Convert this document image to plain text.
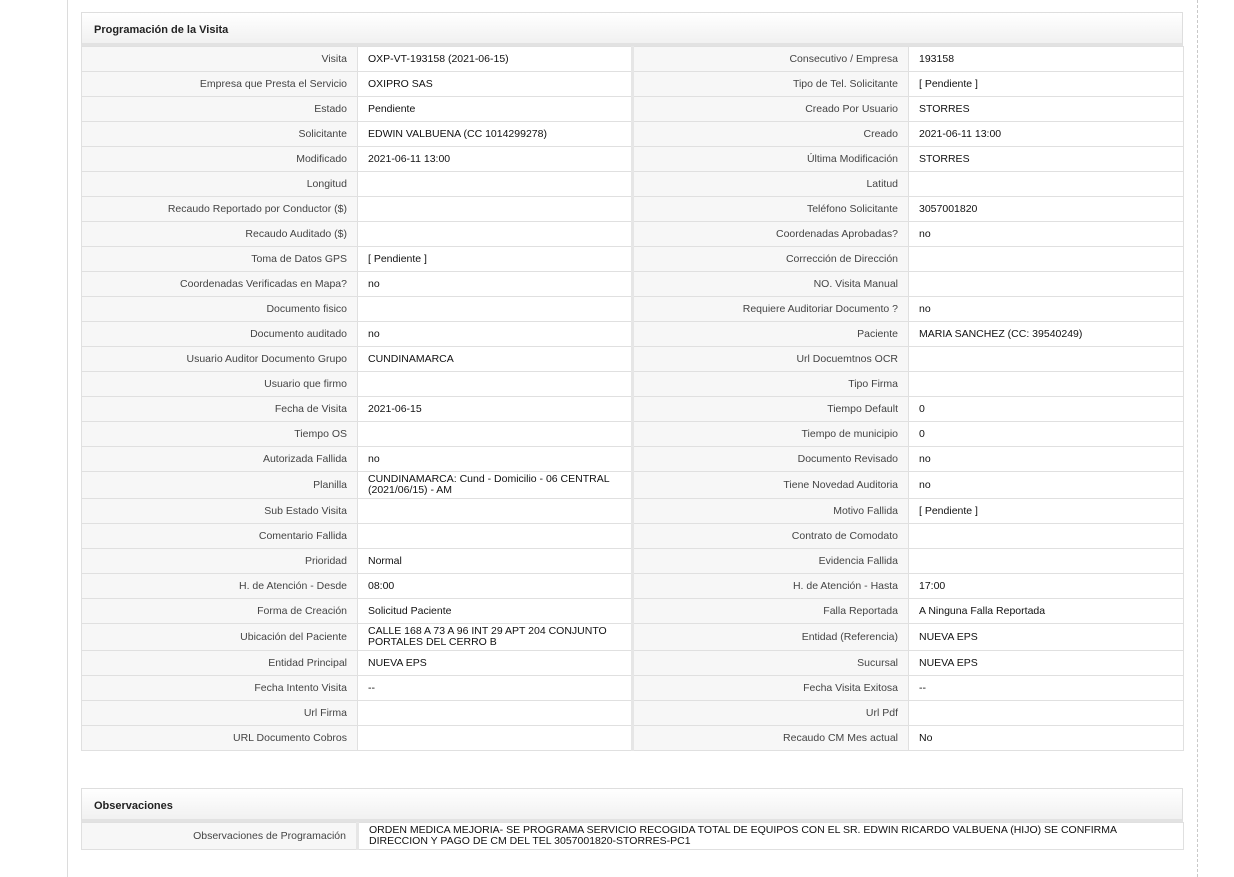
Programación de la Visita
Visita	OXP-VT-193158 (2021-06-15)	Consecutivo / Empresa	193158
Empresa que Presta el Servicio	OXIPRO SAS	Tipo de Tel. Solicitante	[ Pendiente ]
Estado	Pendiente	Creado Por Usuario	STORRES
Solicitante	EDWIN VALBUENA (CC 1014299278)	Creado	2021-06-11 13:00
Modificado	2021-06-11 13:00	Última Modificación	STORRES
Longitud		Latitud	
Recaudo Reportado por Conductor ($)		Teléfono Solicitante	3057001820
Recaudo Auditado ($)		Coordenadas Aprobadas?	no
Toma de Datos GPS	[ Pendiente ]	Corrección de Dirección	
Coordenadas Verificadas en Mapa?	no	NO. Visita Manual	
Documento fisico		Requiere Auditoriar Documento ?	no
Documento auditado	no	Paciente	MARIA SANCHEZ (CC: 39540249)
Usuario Auditor Documento Grupo	CUNDINAMARCA	Url Docuemtnos OCR	
Usuario que firmo		Tipo Firma	
Fecha de Visita	2021-06-15	Tiempo Default	0
Tiempo OS		Tiempo de municipio	0
Autorizada Fallida	no	Documento Revisado	no
Planilla	CUNDINAMARCA: Cund - Domicilio - 06 CENTRAL (2021/06/15) - AM	Tiene Novedad Auditoria	no
Sub Estado Visita		Motivo Fallida	[ Pendiente ]
Comentario Fallida		Contrato de Comodato	
Prioridad	Normal	Evidencia Fallida	
H. de Atención - Desde	08:00	H. de Atención - Hasta	17:00
Forma de Creación	Solicitud Paciente	Falla Reportada	A Ninguna Falla Reportada
Ubicación del Paciente	CALLE 168 A 73 A 96 INT 29 APT 204 CONJUNTO PORTALES DEL CERRO B	Entidad (Referencia)	NUEVA EPS
Entidad Principal	NUEVA EPS	Sucursal	NUEVA EPS
Fecha Intento Visita	--	Fecha Visita Exitosa	--
Url Firma		Url Pdf	
URL Documento Cobros		Recaudo CM Mes actual	No
Observaciones
Observaciones de Programación	ORDEN MEDICA MEJORIA- SE PROGRAMA SERVICIO RECOGIDA TOTAL DE EQUIPOS CON EL SR. EDWIN RICARDO VALBUENA (HIJO) SE CONFIRMA DIRECCION Y PAGO DE CM DEL TEL 3057001820-STORRES-PC1
